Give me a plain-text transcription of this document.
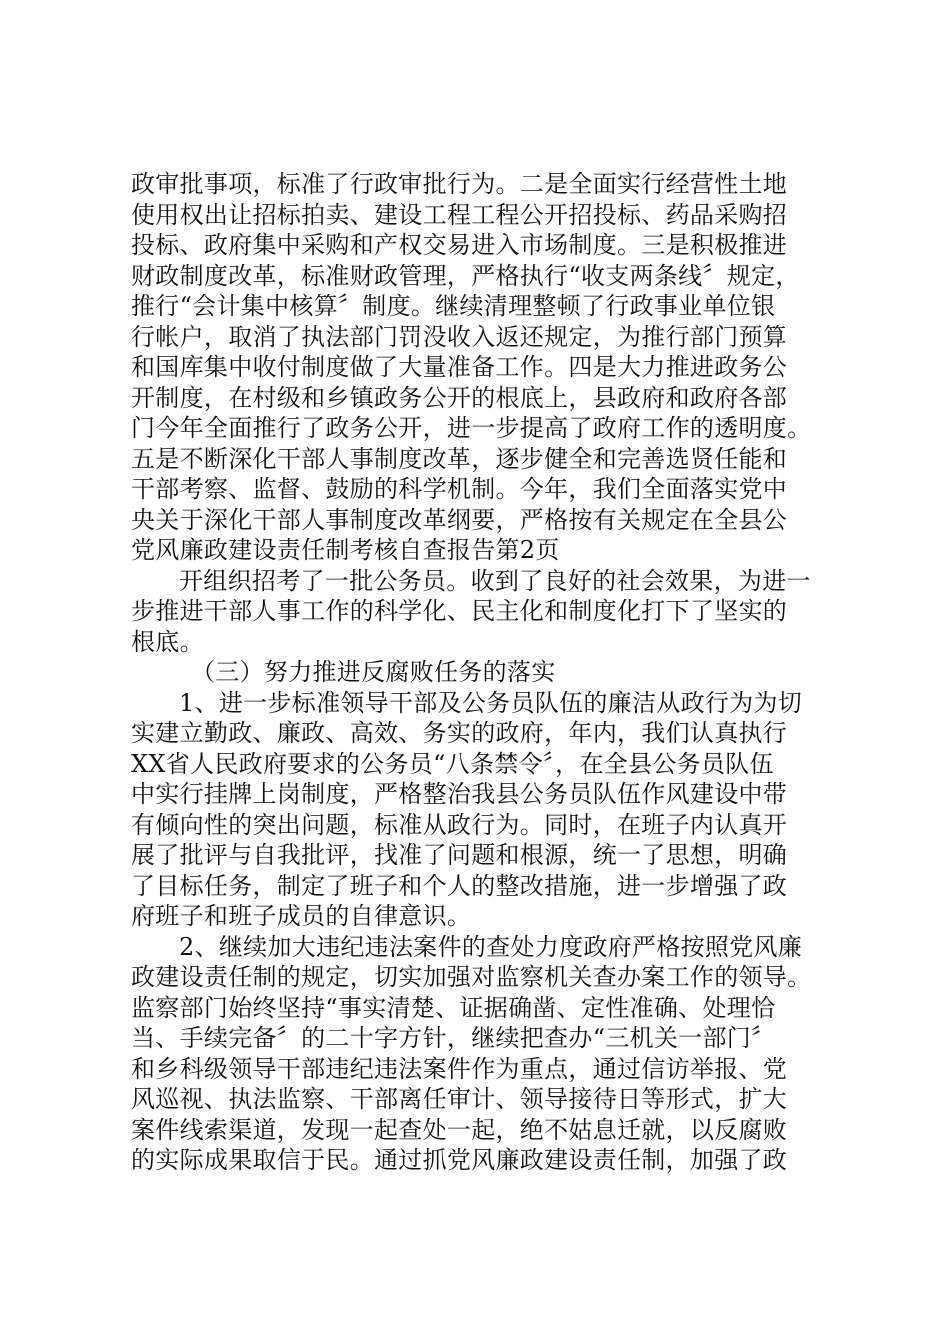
政审批事项，标准了行政审批行为。二是全面实行经营性土地
使用权出让招标拍卖、建设工程工程公开招投标、药品采购招
投标、政府集中采购和产权交易进入市场制度。三是积极推进
财政制度改革，标准财政管理，严格执行“收支两条线〞规定，
推行“会计集中核算〞制度。继续清理整顿了行政事业单位银
行帐户，取消了执法部门罚没收入返还规定，为推行部门预算
和国库集中收付制度做了大量准备工作。四是大力推进政务公
开制度，在村级和乡镇政务公开的根底上，县政府和政府各部
门今年全面推行了政务公开，进一步提高了政府工作的透明度。
五是不断深化干部人事制度改革，逐步健全和完善选贤任能和
干部考察、监督、鼓励的科学机制。今年，我们全面落实党中
央关于深化干部人事制度改革纲要，严格按有关规定在全县公
党风廉政建设责任制考核自查报告第2页
开组织招考了一批公务员。收到了良好的社会效果，为进一
步推进干部人事工作的科学化、民主化和制度化打下了坚实的
根底。
（三）努力推进反腐败任务的落实
1、进一步标准领导干部及公务员队伍的廉洁从政行为为切
实建立勤政、廉政、高效、务实的政府，年内，我们认真执行
XX省人民政府要求的公务员“八条禁令〞，在全县公务员队伍
中实行挂牌上岗制度，严格整治我县公务员队伍作风建设中带
有倾向性的突出问题，标准从政行为。同时，在班子内认真开
展了批评与自我批评，找准了问题和根源，统一了思想，明确
了目标任务，制定了班子和个人的整改措施，进一步增强了政
府班子和班子成员的自律意识。
2、继续加大违纪违法案件的查处力度政府严格按照党风廉
政建设责任制的规定，切实加强对监察机关查办案工作的领导。
监察部门始终坚持“事实清楚、证据确凿、定性准确、处理恰
当、手续完备〞的二十字方针，继续把查办“三机关一部门〞
和乡科级领导干部违纪违法案件作为重点，通过信访举报、党
风巡视、执法监察、干部离任审计、领导接待日等形式，扩大
案件线索渠道，发现一起查处一起，绝不姑息迁就，以反腐败
的实际成果取信于民。通过抓党风廉政建设责任制，加强了政
